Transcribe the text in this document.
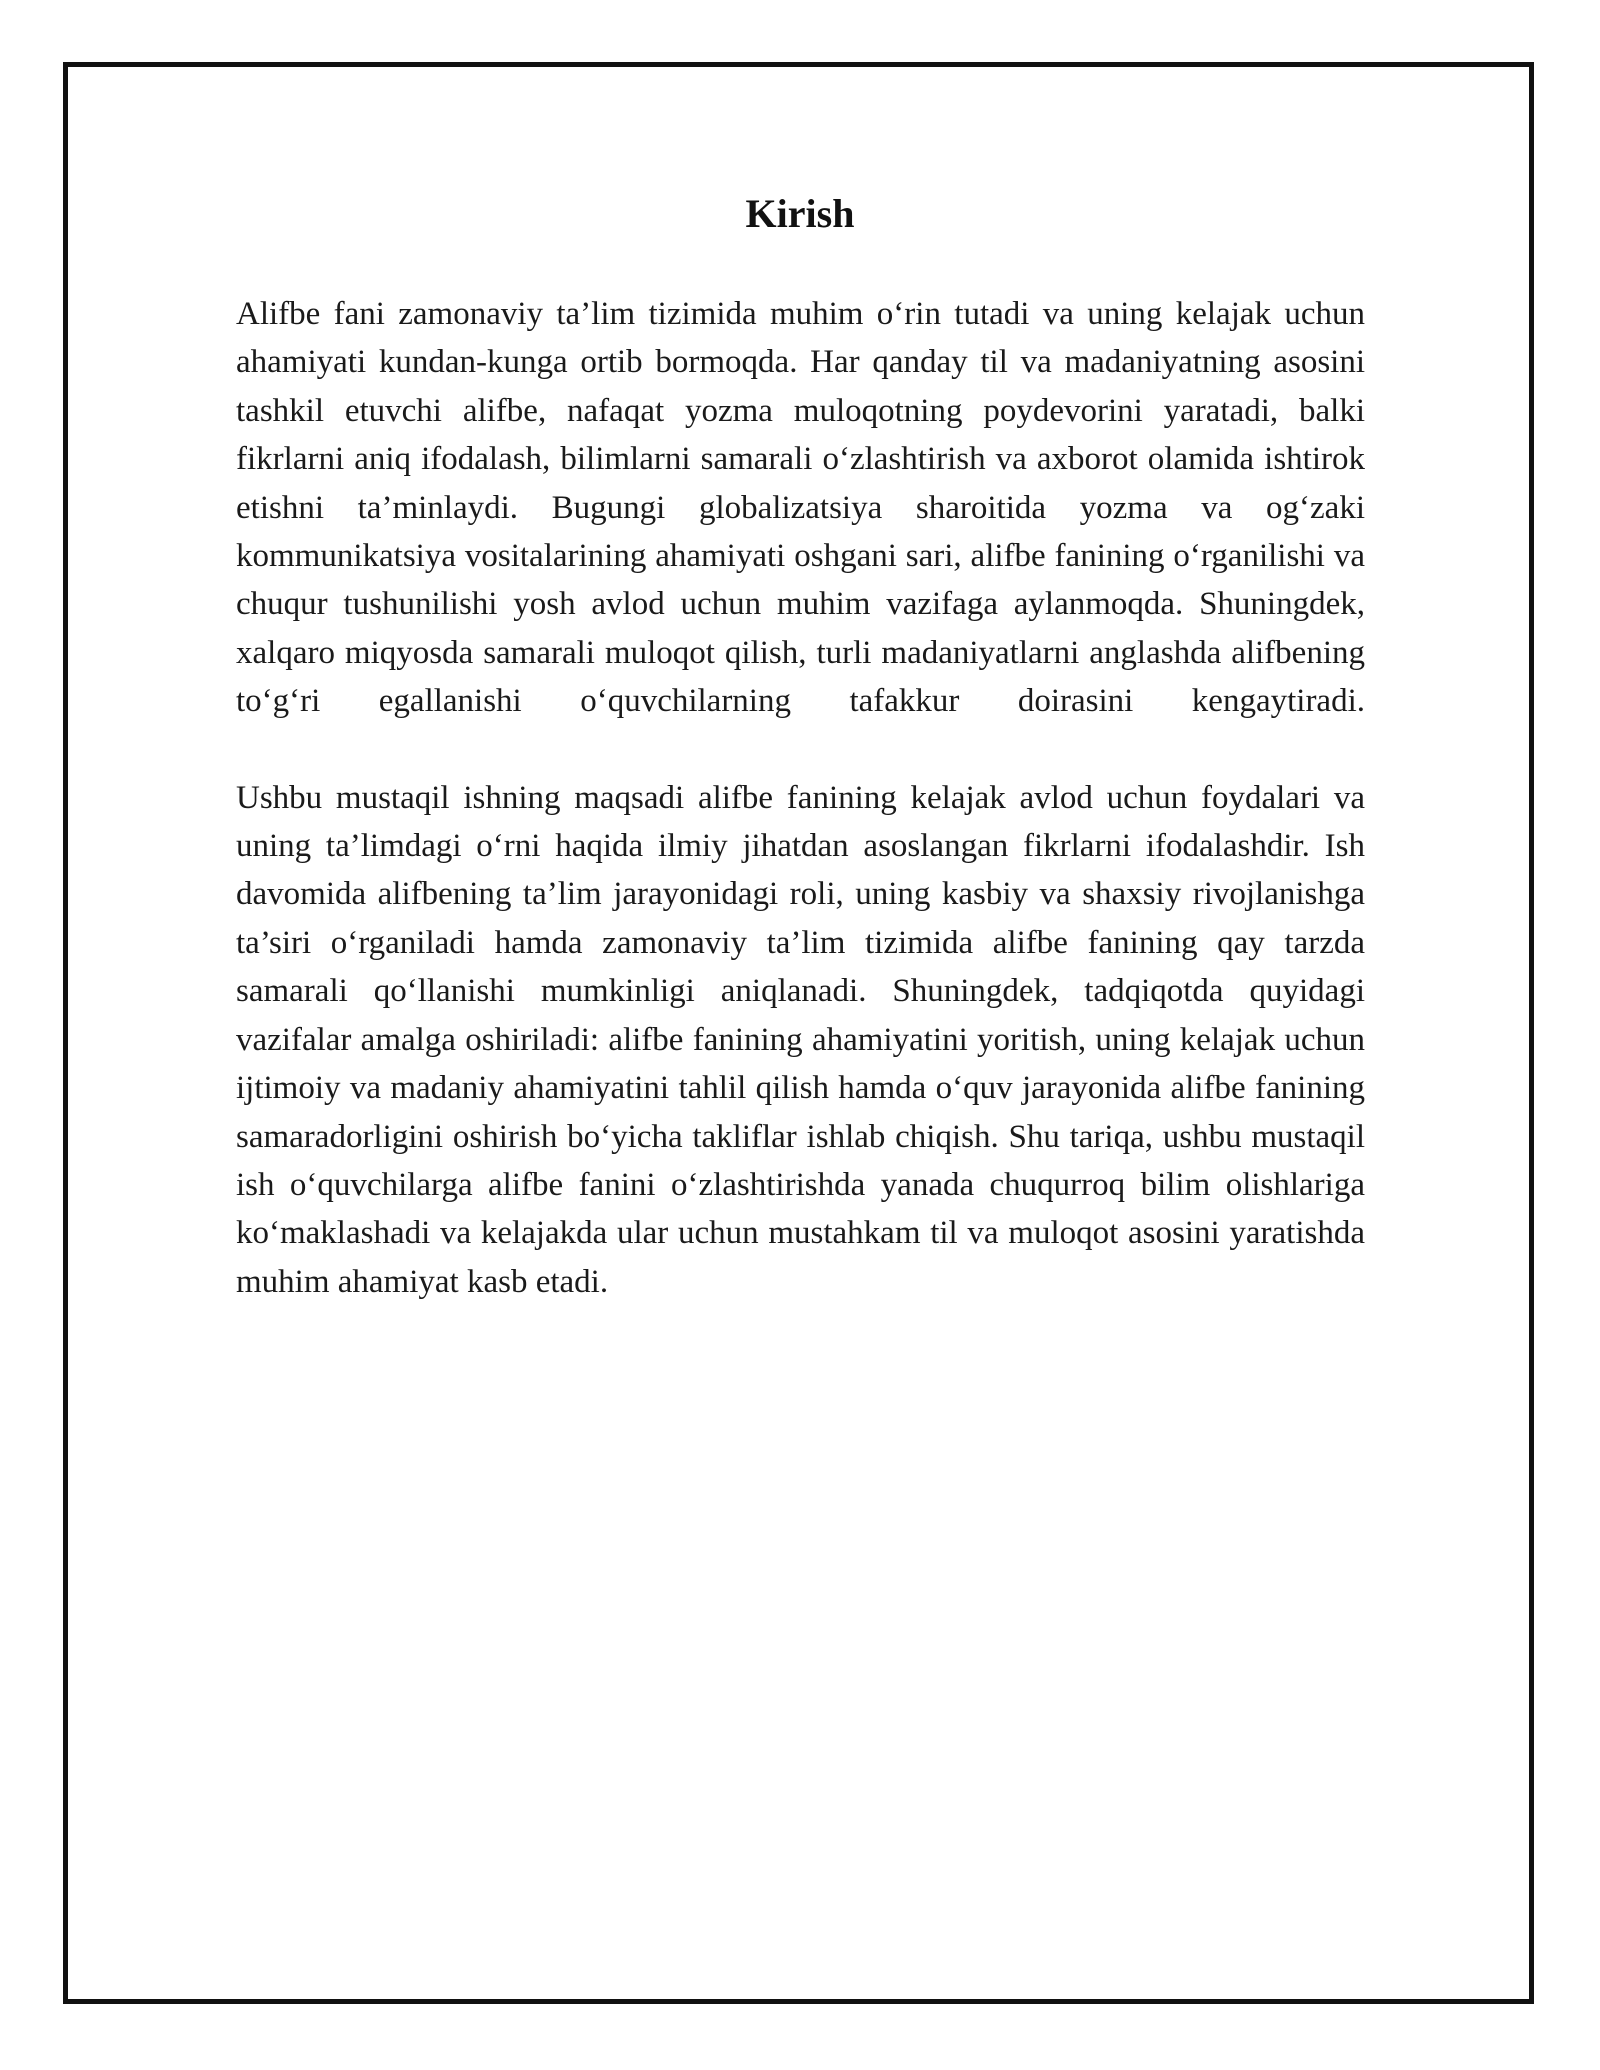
Kirish

Alifbe fani zamonaviy ta’lim tizimida muhim o‘rin tutadi va uning kelajak uchun ahamiyati kundan-kunga ortib bormoqda. Har qanday til va madaniyatning asosini tashkil etuvchi alifbe, nafaqat yozma muloqotning poydevorini yaratadi, balki fikrlarni aniq ifodalash, bilimlarni samarali o‘zlashtirish va axborot olamida ishtirok etishni ta’minlaydi. Bugungi globalizatsiya sharoitida yozma va og‘zaki kommunikatsiya vositalarining ahamiyati oshgani sari, alifbe fanining o‘rganilishi va chuqur tushunilishi yosh avlod uchun muhim vazifaga aylanmoqda. Shuningdek, xalqaro miqyosda samarali muloqot qilish, turli madaniyatlarni anglashda alifbening to‘g‘ri egallanishi o‘quvchilarning tafakkur doirasini kengaytiradi.

Ushbu mustaqil ishning maqsadi alifbe fanining kelajak avlod uchun foydalari va uning ta’limdagi o‘rni haqida ilmiy jihatdan asoslangan fikrlarni ifodalashdir. Ish davomida alifbening ta’lim jarayonidagi roli, uning kasbiy va shaxsiy rivojlanishga ta’siri o‘rganiladi hamda zamonaviy ta’lim tizimida alifbe fanining qay tarzda samarali qo‘llanishi mumkinligi aniqlanadi. Shuningdek, tadqiqotda quyidagi vazifalar amalga oshiriladi: alifbe fanining ahamiyatini yoritish, uning kelajak uchun ijtimoiy va madaniy ahamiyatini tahlil qilish hamda o‘quv jarayonida alifbe fanining samaradorligini oshirish bo‘yicha takliflar ishlab chiqish. Shu tariqa, ushbu mustaqil ish o‘quvchilarga alifbe fanini o‘zlashtirishda yanada chuqurroq bilim olishlariga ko‘maklashadi va kelajakda ular uchun mustahkam til va muloqot asosini yaratishda muhim ahamiyat kasb etadi.
